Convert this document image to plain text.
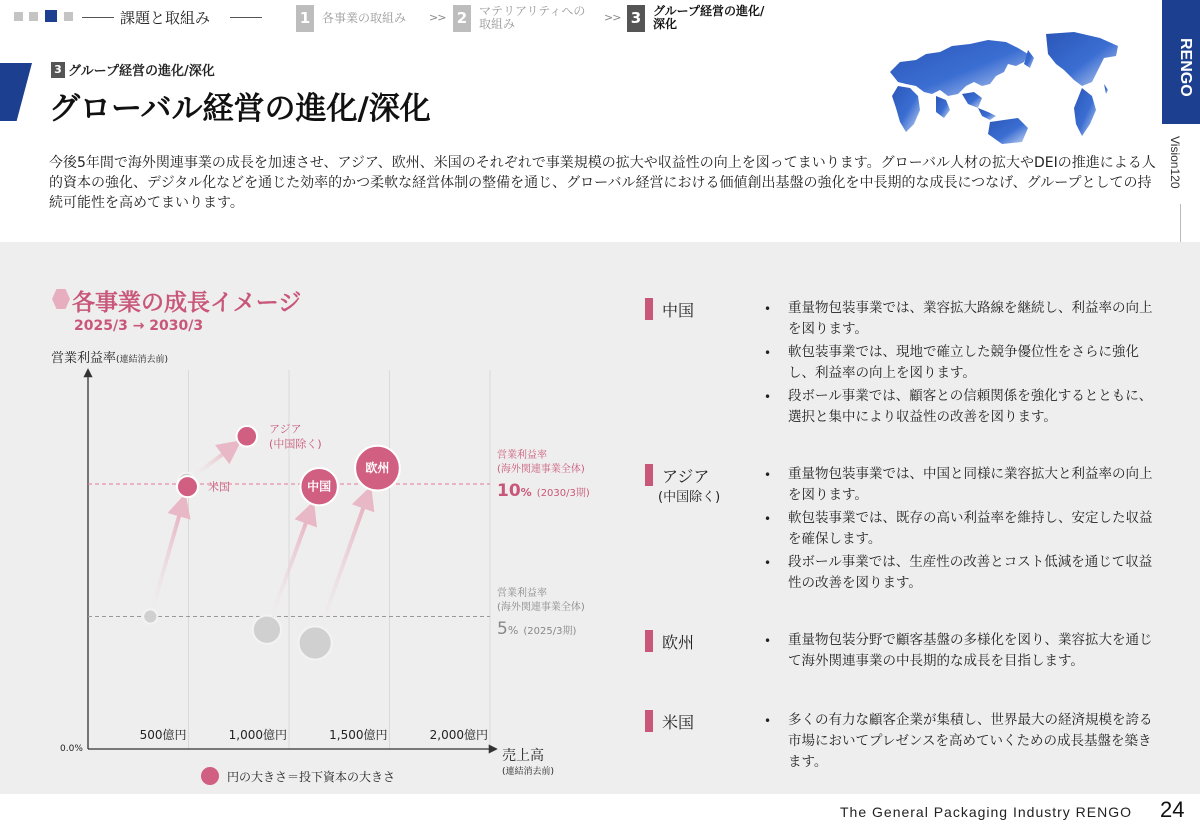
課題と取組み	1 各事業の取組み >> 2 マテリアリティへの
取組み	>> 3 グループ経営の進化/
深化
RENGO
Vision120
3 グループ経営の進化/深化
グローバル経営の進化/深化
今後5年間で海外関連事業の成長を加速させ、アジア、欧州、米国のそれぞれで事業規模の拡大や収益性の向上を図ってまいります。グローバル人材の拡大やDEIの推進による人的資本の強化、デジタル化などを通じた効率的かつ柔軟な経営体制の整備を通じ、グローバル経営における価値創出基盤の強化を中長期的な成長につなげ、グループとしての持続可能性を高めてまいります。
各事業の成長イメージ
2025/3 → 2030/3
営業利益率(連結消去前)
売上高
(連結消去前)
0.0%
500億円	1,000億円	1,500億円	2,000億円
アジア
(中国除く)
米国	中国
欧州
営業利益率
(海外関連事業全体)
10% (2030/3期)
営業利益率
(海外関連事業全体)
5% (2025/3期)
円の大きさ＝投下資本の大きさ
中国	• 重量物包装事業では、業容拡大路線を継続し、利益率の向上を図ります。
• 軟包装事業では、現地で確立した競争優位性をさらに強化し、利益率の向上を図ります。
• 段ボール事業では、顧客との信頼関係を強化するとともに、選択と集中により収益性の改善を図ります。
アジア
(中国除く)
• 重量物包装事業では、中国と同様に業容拡大と利益率の向上を図ります。
• 軟包装事業では、既存の高い利益率を維持し、安定した収益を確保します。
• 段ボール事業では、生産性の改善とコスト低減を通じて収益性の改善を図ります。
欧州	• 重量物包装分野で顧客基盤の多様化を図り、業容拡大を通じて海外関連事業の中長期的な成長を目指します。
米国	• 多くの有力な顧客企業が集積し、世界最大の経済規模を誇る市場においてプレゼンスを高めていくための成長基盤を築きます。
The General Packaging Industry RENGO 24
